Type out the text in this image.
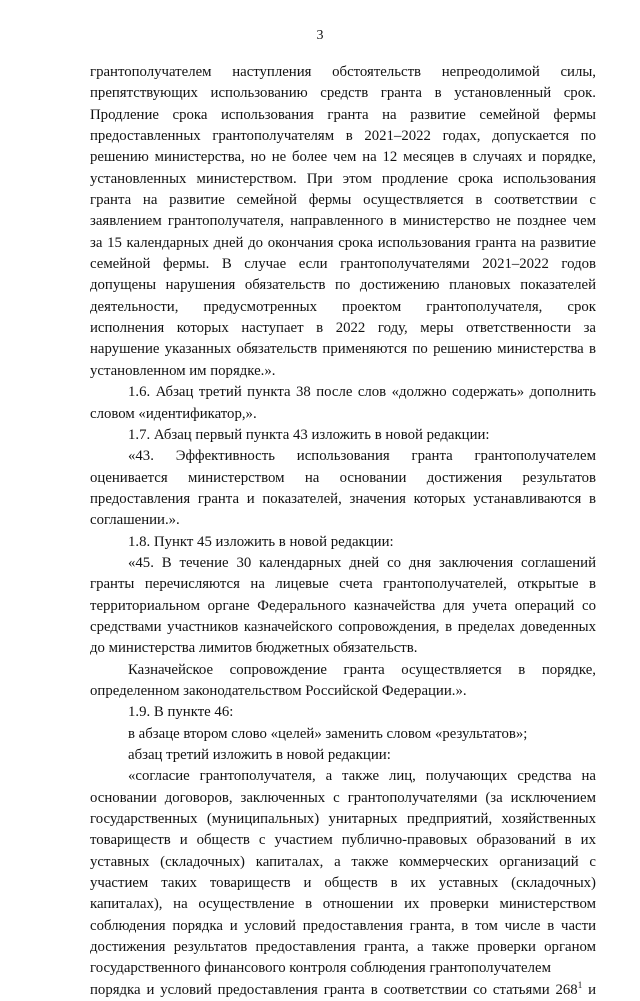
3
грантополучателем наступления обстоятельств непреодолимой силы,
препятствующих использованию средств гранта в установленный срок.
Продление срока использования гранта на развитие семейной фермы
предоставленных грантополучателям в 2021–2022 годах, допускается по
решению министерства, но не более чем на 12 месяцев в случаях и порядке,
установленных министерством. При этом продление срока использования
гранта на развитие семейной фермы осуществляется в соответствии с
заявлением грантополучателя, направленного в министерство не позднее чем
за 15 календарных дней до окончания срока использования гранта на развитие
семейной фермы. В случае если грантополучателями 2021–2022 годов
допущены нарушения обязательств по достижению плановых показателей
деятельности, предусмотренных проектом грантополучателя, срок
исполнения которых наступает в 2022 году, меры ответственности за
нарушение указанных обязательств применяются по решению министерства в
установленном им порядке.».
1.6. Абзац третий пункта 38 после слов «должно содержать» дополнить
словом «идентификатор,».
1.7. Абзац первый пункта 43 изложить в новой редакции:
«43. Эффективность использования гранта грантополучателем
оценивается министерством на основании достижения результатов
предоставления гранта и показателей, значения которых устанавливаются в
соглашении.».
1.8. Пункт 45 изложить в новой редакции:
«45. В течение 30 календарных дней со дня заключения соглашений
гранты перечисляются на лицевые счета грантополучателей, открытые в
территориальном органе Федерального казначейства для учета операций со
средствами участников казначейского сопровождения, в пределах доведенных
до министерства лимитов бюджетных обязательств.
Казначейское сопровождение гранта осуществляется в порядке,
определенном законодательством Российской Федерации.».
1.9. В пункте 46:
в абзаце втором слово «целей» заменить словом «результатов»;
абзац третий изложить в новой редакции:
«согласие грантополучателя, а также лиц, получающих средства на
основании договоров, заключенных с грантополучателями (за исключением
государственных (муниципальных) унитарных предприятий, хозяйственных
товариществ и обществ с участием публично-правовых образований в их
уставных (складочных) капиталах, а также коммерческих организаций с
участием таких товариществ и обществ в их уставных (складочных)
капиталах), на осуществление в отношении их проверки министерством
соблюдения порядка и условий предоставления гранта, в том числе в части
достижения результатов предоставления гранта, а также проверки органом
государственного финансового контроля соблюдения грантополучателем
порядка и условий предоставления гранта в соответствии со статьями $268^1$ и
